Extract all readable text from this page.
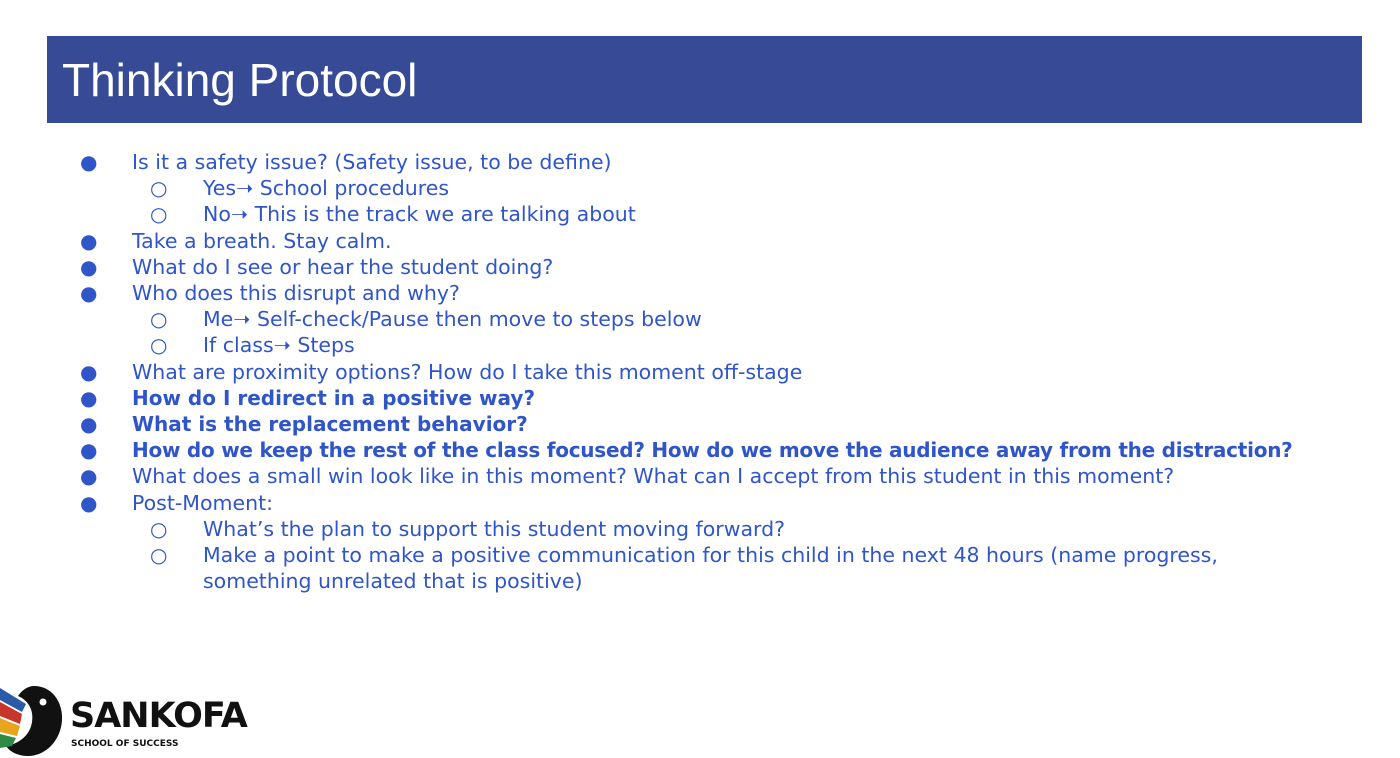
Thinking Protocol
● Is it a safety issue? (Safety issue, to be define)
○ Yes➝ School procedures
○ No➝ This is the track we are talking about
● Take a breath. Stay calm.
● What do I see or hear the student doing?
● Who does this disrupt and why?
○ Me➝ Self-check/Pause then move to steps below
○ If class➝ Steps
● What are proximity options? How do I take this moment off-stage
● How do I redirect in a positive way?
● What is the replacement behavior?
● How do we keep the rest of the class focused? How do we move the audience away from the distraction?
● What does a small win look like in this moment? What can I accept from this student in this moment?
● Post-Moment:
○ What’s the plan to support this student moving forward?
○ Make a point to make a positive communication for this child in the next 48 hours (name progress, something unrelated that is positive)
SANKOFA
SCHOOL OF SUCCESS
